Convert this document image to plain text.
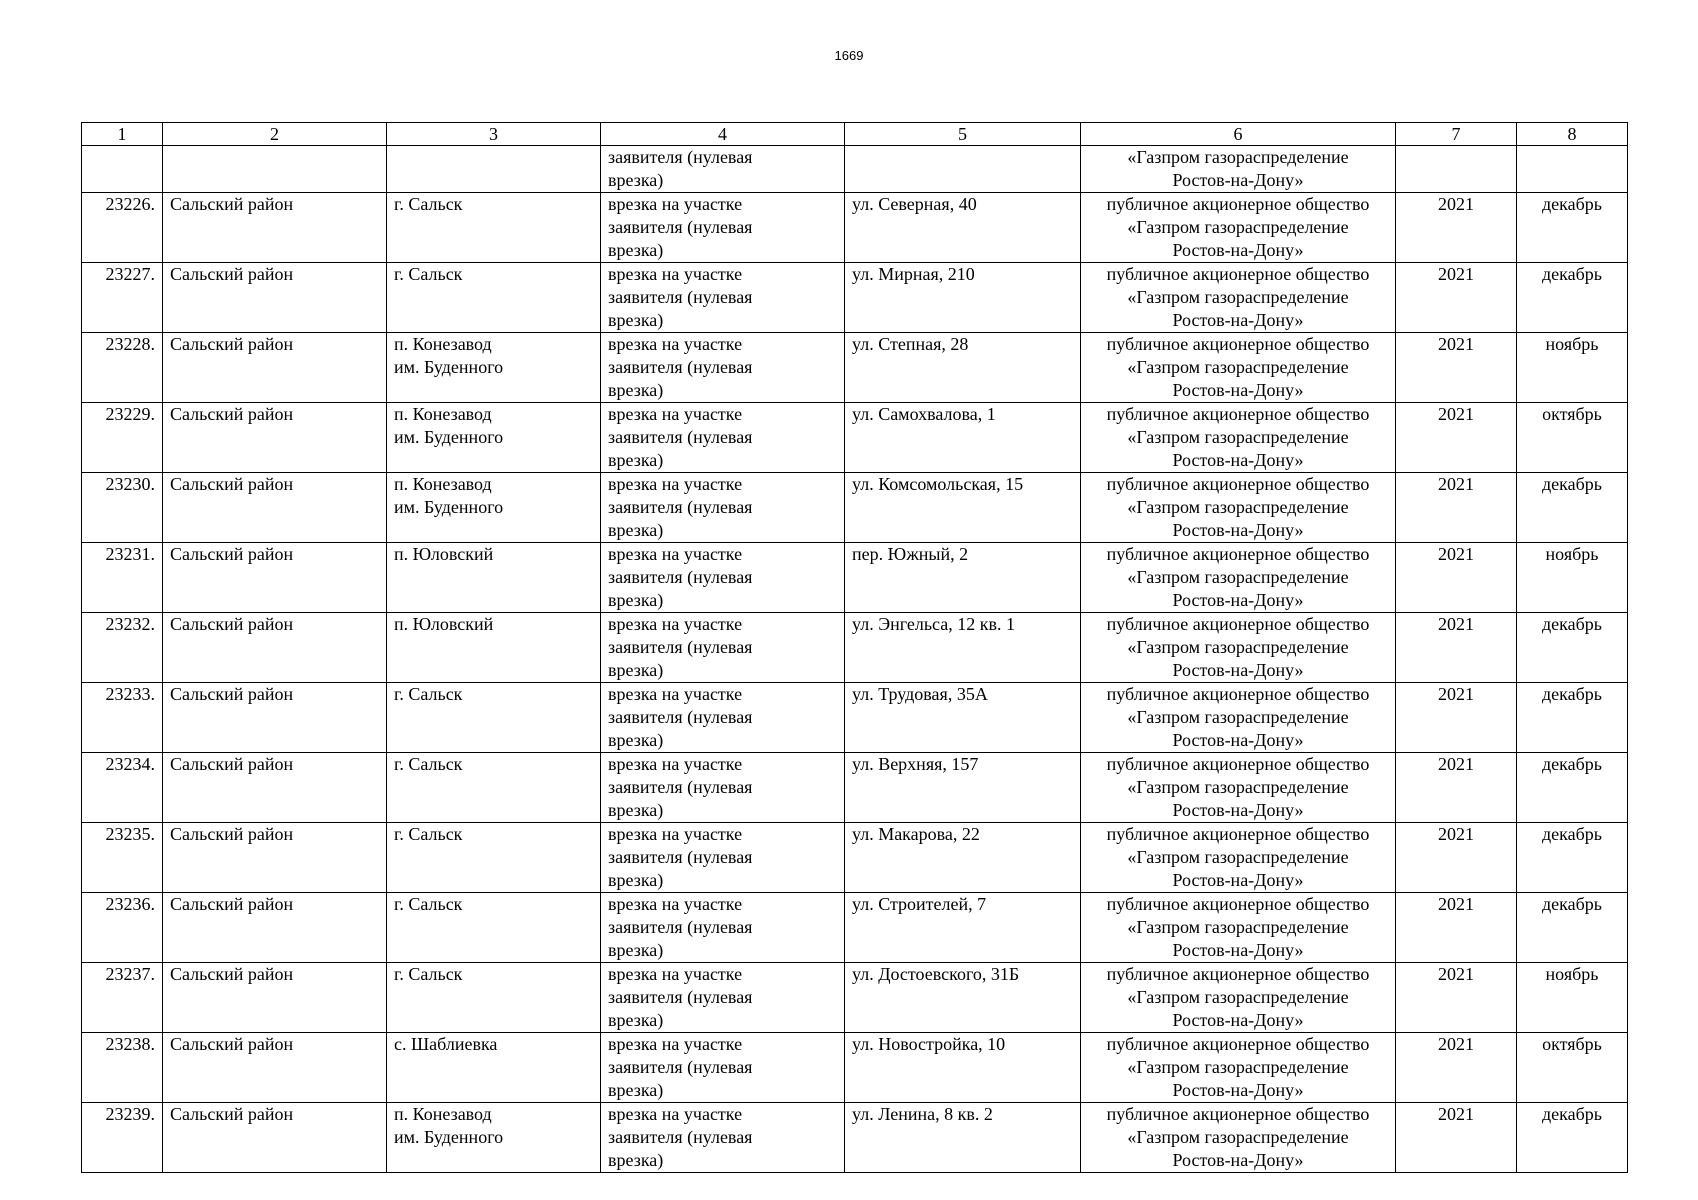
1669
1	2	3	4	5	6	7	8
			заявителя (нулевая
врезка)		«Газпром газораспределение
Ростов-на-Дону»		
23226.	Сальский район	г. Сальск	врезка на участке
заявителя (нулевая
врезка)	ул. Северная, 40	публичное акционерное общество
«Газпром газораспределение
Ростов-на-Дону»	2021	декабрь
23227.	Сальский район	г. Сальск	врезка на участке
заявителя (нулевая
врезка)	ул. Мирная, 210	публичное акционерное общество
«Газпром газораспределение
Ростов-на-Дону»	2021	декабрь
23228.	Сальский район	п. Конезавод
им. Буденного	врезка на участке
заявителя (нулевая
врезка)	ул. Степная, 28	публичное акционерное общество
«Газпром газораспределение
Ростов-на-Дону»	2021	ноябрь
23229.	Сальский район	п. Конезавод
им. Буденного	врезка на участке
заявителя (нулевая
врезка)	ул. Самохвалова, 1	публичное акционерное общество
«Газпром газораспределение
Ростов-на-Дону»	2021	октябрь
23230.	Сальский район	п. Конезавод
им. Буденного	врезка на участке
заявителя (нулевая
врезка)	ул. Комсомольская, 15	публичное акционерное общество
«Газпром газораспределение
Ростов-на-Дону»	2021	декабрь
23231.	Сальский район	п. Юловский	врезка на участке
заявителя (нулевая
врезка)	пер. Южный, 2	публичное акционерное общество
«Газпром газораспределение
Ростов-на-Дону»	2021	ноябрь
23232.	Сальский район	п. Юловский	врезка на участке
заявителя (нулевая
врезка)	ул. Энгельса, 12 кв. 1	публичное акционерное общество
«Газпром газораспределение
Ростов-на-Дону»	2021	декабрь
23233.	Сальский район	г. Сальск	врезка на участке
заявителя (нулевая
врезка)	ул. Трудовая, 35А	публичное акционерное общество
«Газпром газораспределение
Ростов-на-Дону»	2021	декабрь
23234.	Сальский район	г. Сальск	врезка на участке
заявителя (нулевая
врезка)	ул. Верхняя, 157	публичное акционерное общество
«Газпром газораспределение
Ростов-на-Дону»	2021	декабрь
23235.	Сальский район	г. Сальск	врезка на участке
заявителя (нулевая
врезка)	ул. Макарова, 22	публичное акционерное общество
«Газпром газораспределение
Ростов-на-Дону»	2021	декабрь
23236.	Сальский район	г. Сальск	врезка на участке
заявителя (нулевая
врезка)	ул. Строителей, 7	публичное акционерное общество
«Газпром газораспределение
Ростов-на-Дону»	2021	декабрь
23237.	Сальский район	г. Сальск	врезка на участке
заявителя (нулевая
врезка)	ул. Достоевского, 31Б	публичное акционерное общество
«Газпром газораспределение
Ростов-на-Дону»	2021	ноябрь
23238.	Сальский район	с. Шаблиевка	врезка на участке
заявителя (нулевая
врезка)	ул. Новостройка, 10	публичное акционерное общество
«Газпром газораспределение
Ростов-на-Дону»	2021	октябрь
23239.	Сальский район	п. Конезавод
им. Буденного	врезка на участке
заявителя (нулевая
врезка)	ул. Ленина, 8 кв. 2	публичное акционерное общество
«Газпром газораспределение
Ростов-на-Дону»	2021	декабрь
